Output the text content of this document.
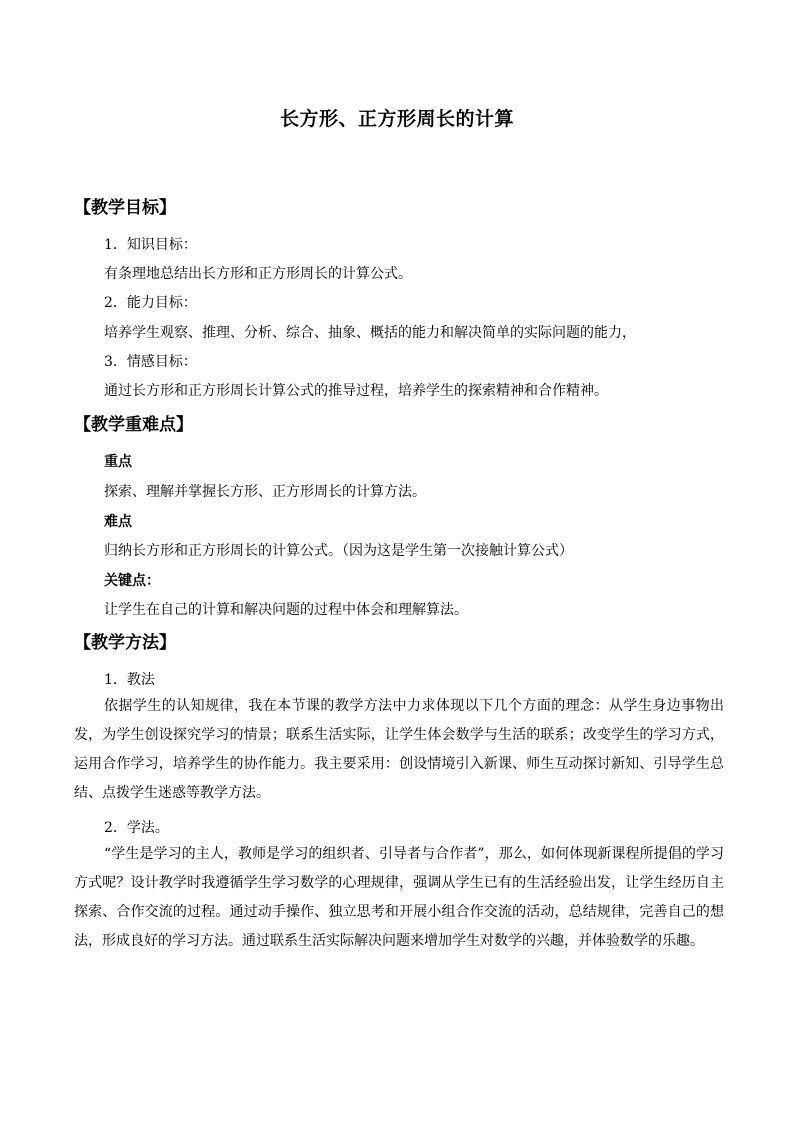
长方形、正方形周长的计算
【教学目标】
1．知识目标：
有条理地总结出长方形和正方形周长的计算公式。
2．能力目标：
培养学生观察、推理、分析、综合、抽象、概括的能力和解决简单的实际问题的能力，
3．情感目标：
通过长方形和正方形周长计算公式的推导过程，培养学生的探索精神和合作精神。
【教学重难点】
重点
探索、理解并掌握长方形、正方形周长的计算方法。
难点
归纳长方形和正方形周长的计算公式。（因为这是学生第一次接触计算公式）
关键点：
让学生在自己的计算和解决问题的过程中体会和理解算法。
【教学方法】
1．教法

依据学生的认知规律，我在本节课的教学方法中力求体现以下几个方面的理念：从学生身边事物出发，为学生创设探究学习的情景；联系生活实际，让学生体会数学与生活的联系；改变学生的学习方式，运用合作学习，培养学生的协作能力。我主要采用：创设情境引入新课、师生互动探讨新知、引导学生总结、点拨学生迷惑等教学方法。

2．学法。

“学生是学习的主人，教师是学习的组织者、引导者与合作者”，那么，如何体现新课程所提倡的学习方式呢？设计教学时我遵循学生学习数学的心理规律，强调从学生已有的生活经验出发，让学生经历自主探索、合作交流的过程。通过动手操作、独立思考和开展小组合作交流的活动，总结规律，完善自己的想法，形成良好的学习方法。通过联系生活实际解决问题来增加学生对数学的兴趣，并体验数学的乐趣。
